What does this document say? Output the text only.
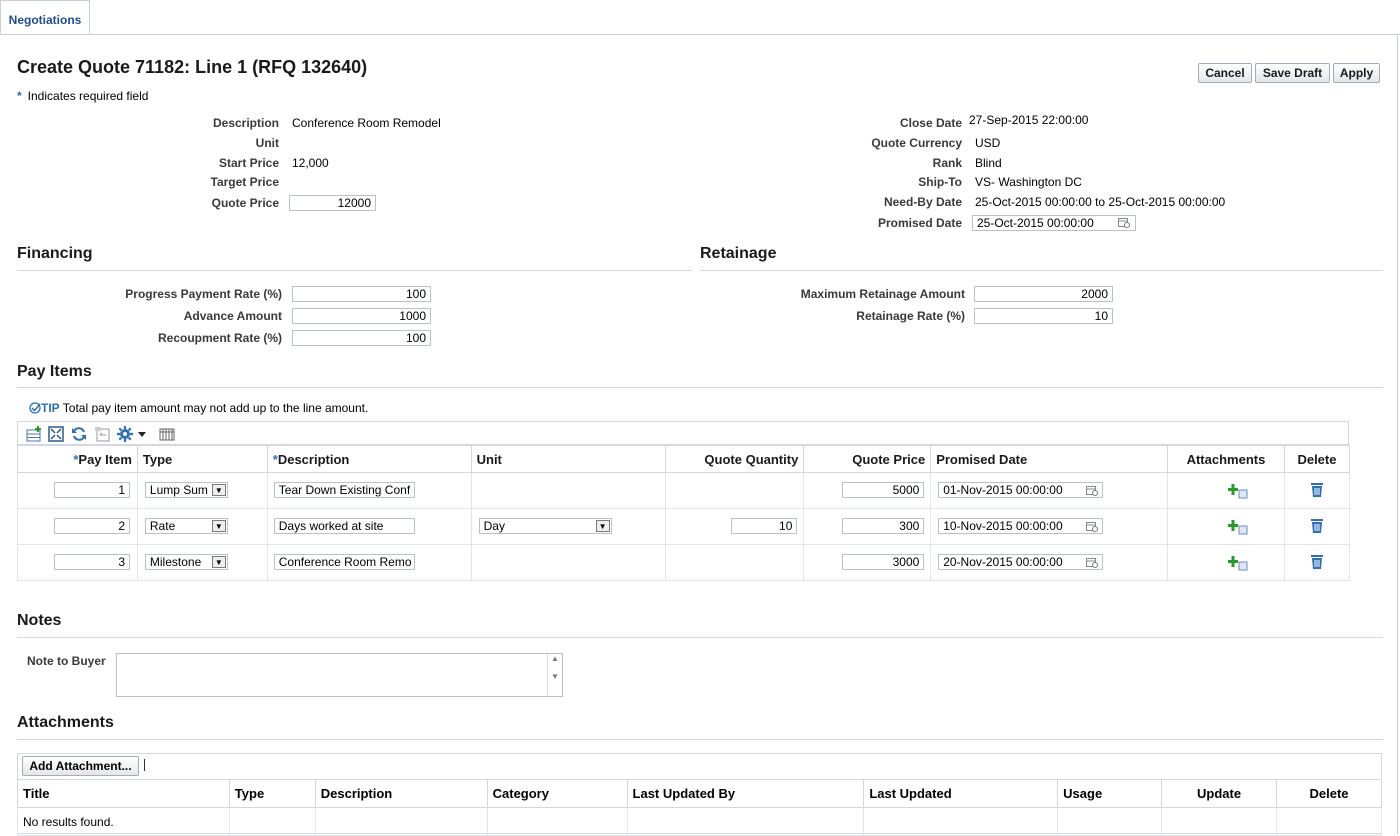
Negotiations
Create Quote 71182: Line 1 (RFQ 132640)	Cancel	Save Draft	Apply
* Indicates required field
Description Conference Room Remodel
Unit
Start Price 12,000
Target Price
Quote Price	12000
Close Date 27-Sep-2015 22:00:00
Quote Currency USD
Rank Blind
Ship-To VS- Washington DC
Need-By Date 25-Oct-2015 00:00:00 to 25-Oct-2015 00:00:00
Promised Date	25-Oct-2015 00:00:00
Financing
Progress Payment Rate (%)	100
Advance Amount	1000
Recoupment Rate (%)	100
Retainage
Maximum Retainage Amount	2000
Retainage Rate (%)	10
Pay Items
TIP Total pay item amount may not add up to the line amount.
*Pay Item	Type	*Description	Unit	Quote Quantity	Quote Price	Promised Date	Attachments	Delete

1	Lump Sum ▼	Tear Down Existing Conf			5000	01-Nov-2015 00:00:00

2	Rate ▼	Days worked at site	Day ▼	10	300	10-Nov-2015 00:00:00

3	Milestone ▼	Conference Room Remo			3000	20-Nov-2015 00:00:00

Notes
Note to Buyer	▲

▼
Attachments
Add Attachment...
Title	Type	Description	Category	Last Updated By	Last Updated	Usage	Update	Delete
No results found.								
